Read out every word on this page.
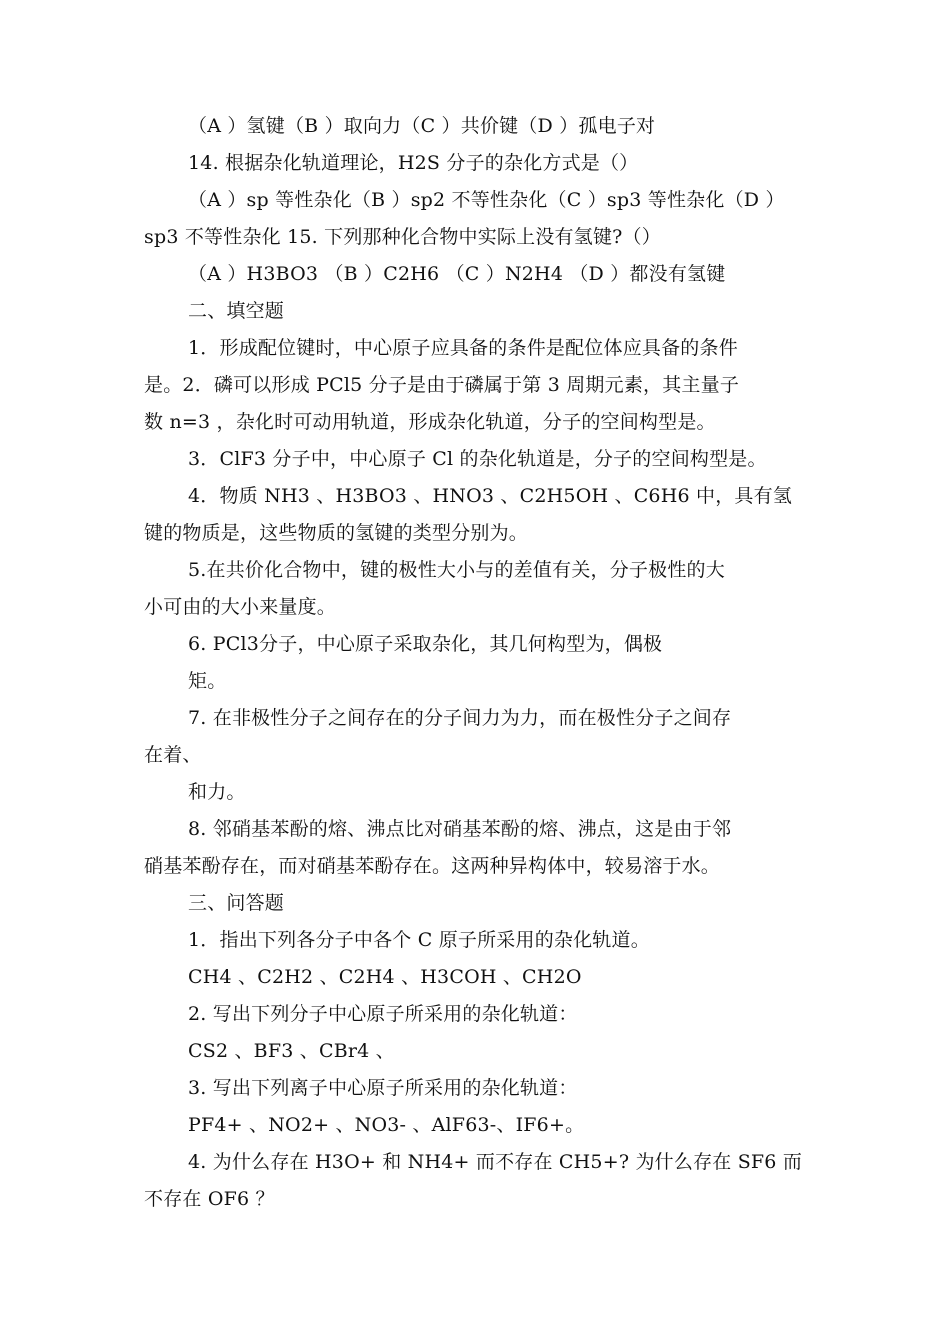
（A ）氢键（B ）取向力（C ）共价键（D ）孤电子对
14. 根据杂化轨道理论，H2S 分子的杂化方式是（）
（A ）sp 等性杂化（B ）sp2 不等性杂化（C ）sp3 等性杂化（D ）
sp3 不等性杂化 15. 下列那种化合物中实际上没有氢键?（）
（A ）H3BO3 （B ）C2H6 （C ）N2H4 （D ）都没有氢键
二、填空题
1．形成配位键时，中心原子应具备的条件是配位体应具备的条件
是。2．磷可以形成 PCl5 分子是由于磷属于第 3 周期元素，其主量子
数 n=3 ，杂化时可动用轨道，形成杂化轨道，分子的空间构型是。
3．ClF3 分子中，中心原子 Cl 的杂化轨道是，分子的空间构型是。
4．物质 NH3 、H3BO3 、HNO3 、C2H5OH 、C6H6 中，具有氢
键的物质是，这些物质的氢键的类型分别为。
5.在共价化合物中，键的极性大小与的差值有关，分子极性的大
小可由的大小来量度。
6. PCl3分子，中心原子采取杂化，其几何构型为，偶极
矩。
7. 在非极性分子之间存在的分子间力为力，而在极性分子之间存
在着、
和力。
8. 邻硝基苯酚的熔、沸点比对硝基苯酚的熔、沸点，这是由于邻
硝基苯酚存在，而对硝基苯酚存在。这两种异构体中，较易溶于水。
三、问答题
1．指出下列各分子中各个 C 原子所采用的杂化轨道。
CH4 、C2H2 、C2H4 、H3COH 、CH2O
2. 写出下列分子中心原子所采用的杂化轨道：
CS2 、BF3 、CBr4 、
3. 写出下列离子中心原子所采用的杂化轨道：
PF4+ 、NO2+ 、NO3- 、AlF63-、IF6+。
4. 为什么存在 H3O+ 和 NH4+ 而不存在 CH5+? 为什么存在 SF6 而
不存在 OF6 ？
